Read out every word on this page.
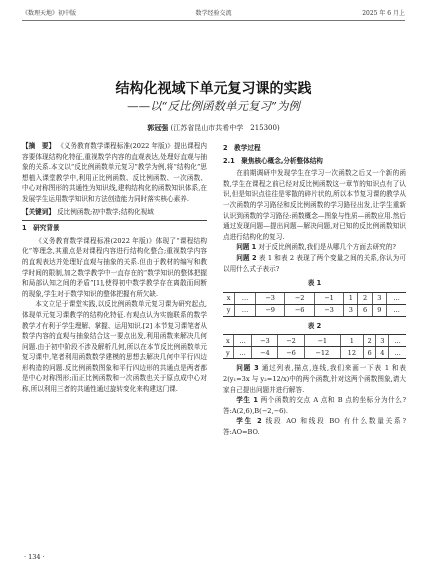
《数理天地》初中版	数学经验交流	2025 年 6 月上
结构化视域下单元复习课的实践
——以“反比例函数单元复习”为例
郭冠强 (江苏省昆山市共希中学　215300)

【摘　要】 《义务教育数学课程标准(2022 年版)》提出课程内容要体现结构化特征,重视数学内容的直观表达,处理好直观与抽象的关系.本文以“反比例函数单元复习”教学为例,将“结构化”思想植入课堂教学中,利用正比例函数、反比例函数、一次函数、中心对称图形的共通性为知识线,建构结构化的函数知识体系,在发展学生运用数学知识和方法创造能力同时落实核心素养.

【关键词】 反比例函数;初中数学;结构化视域

1　研究背景

《义务教育数学课程标准(2022 年版)》体现了“课程结构化”等理念,其重点是对课程内容进行结构化整合;重视数学内容的直观表达并处理好直观与抽象的关系.但由于教材的编写和教学时间的限制,加之数学教学中一直存在的“数学知识的整体把握和局部认知之间的矛盾”[1],使得初中数学教学存在离散而间断的现象,学生对于数学知识的整体把握有所欠缺.

本文立足于课堂实践,以反比例函数单元复习课为研究起点,体现单元复习课教学的结构化特征.有观点认为实施联系的数学教学才有利于学生理解、掌握、运用知识.[2] 本节复习课笔者从数学内容的直观与抽象结合这一要点出发,利用函数来解决几何问题.由于初中阶段不涉及解析几何,所以在本节反比例函数单元复习课中,笔者利用函数数学建模的思想去解决几何中平行四边形构造的问题.反比例函数图象和平行四边形的共通点是两者都是中心对称图形;而正比例函数和一次函数也关于原点成中心对称,所以利用三者的共通性通过旋转变化来构建这门课.

2　教学过程

2.1　聚焦核心概念,分析整体结构

在前期调研中发现学生在学习一次函数之后又一个新的函数,学生在课程之前已经对反比例函数这一章节的知识点有了认识,但是知识点往往是零散的碎片状的,所以本节复习课的教学从一次函数的学习路径和反比例函数的学习路径出发,让学生重新认识到函数的学习路径:函数概念—图象与性质—函数应用.然后通过发现问题—提出问题—解决问题,对已知的反比例函数知识点进行结构化的复习.

问题 1 对于反比例函数,我们是从哪几个方面去研究的?

问题 2 表 1 和表 2 表现了两个变量之间的关系,你认为可以用什么式子表示?

表 1
x	…	−3	−2	−1	1	2	3	…
y	…	−9	−6	−3	3	6	9	…
表 2
x	…	−3	−2	−1	1	2	3	…
y	…	−4	−6	−12	12	6	4	…

问题 3 通过列表,描点,连线,我们来画一下表 1 和表 2(y₁=3x 与 y₂=12/x)中的两个函数,针对这两个函数图象,请大家自己提出问题并进行解答.

学生 1 两个函数的交点 A 点和 B 点的坐标分为什么?答:A(2,6),B(−2,−6).

学生 2 线段 AO 和线段 BO 有什么数量关系?答:AO=BO.

· 134 ·
